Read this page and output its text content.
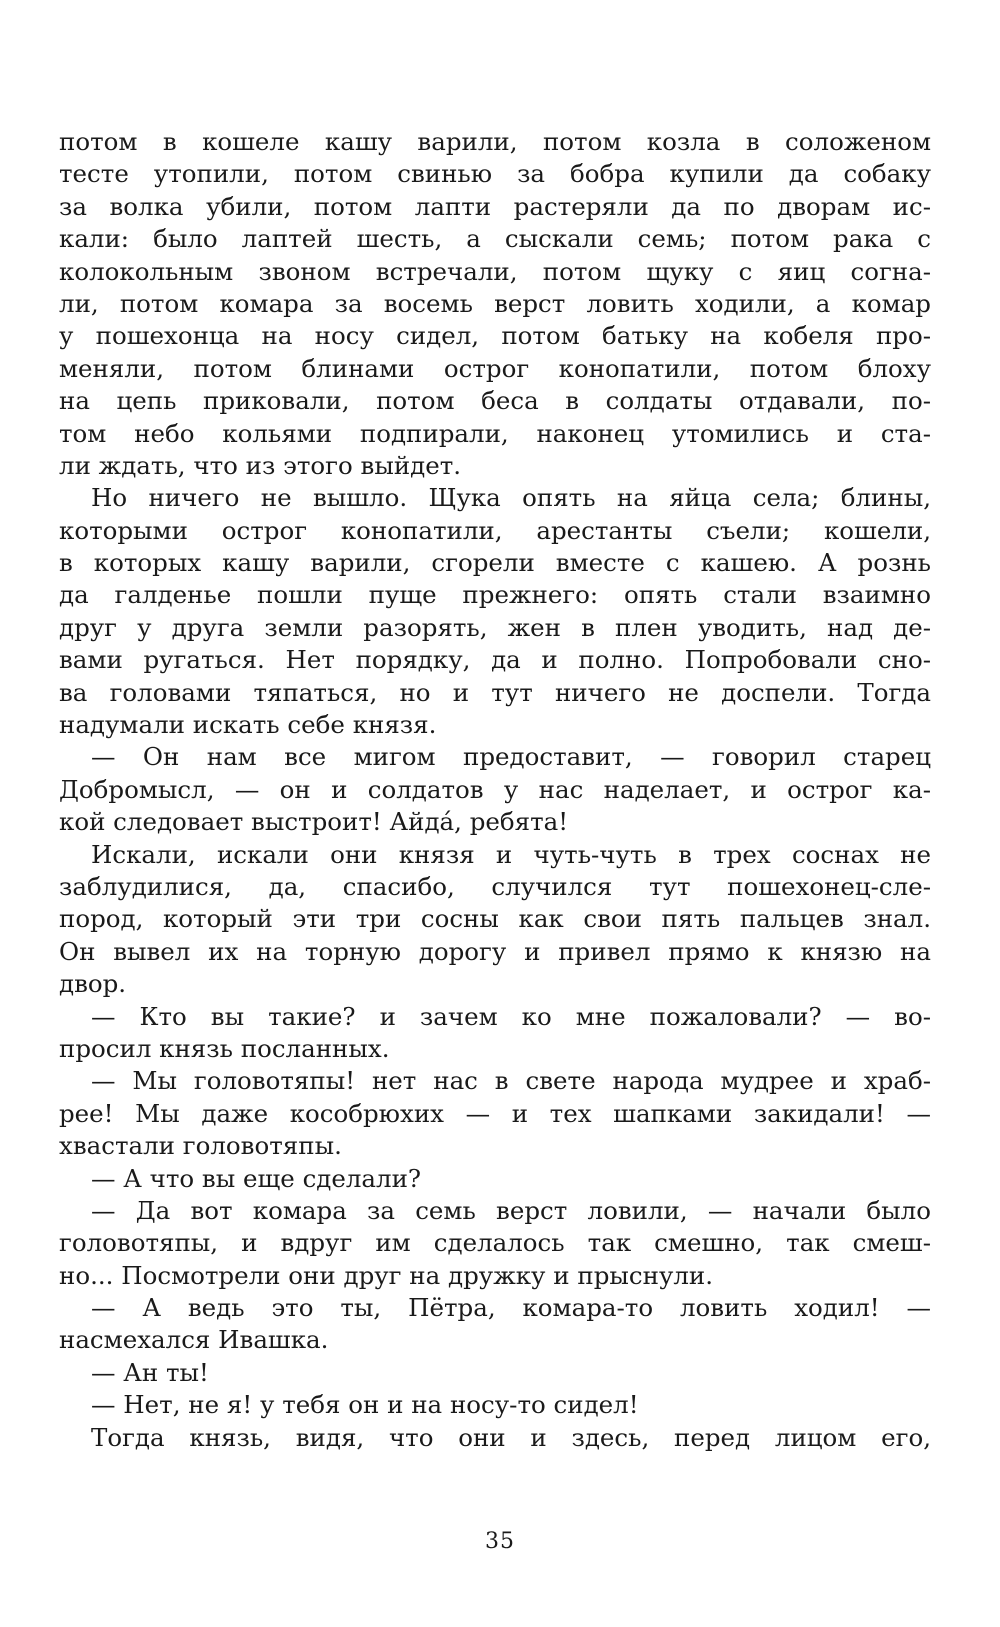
потом в кошеле кашу варили, потом козла в соложеном
тесте утопили, потом свинью за бобра купили да собаку
за волка убили, потом лапти растеряли да по дворам ис-
кали: было лаптей шесть, а сыскали семь; потом рака с
колокольным звоном встречали, потом щуку с яиц согна-
ли, потом комара за восемь верст ловить ходили, а комар
у пошехонца на носу сидел, потом батьку на кобеля про-
меняли, потом блинами острог конопатили, потом блоху
на цепь приковали, потом беса в солдаты отдавали, по-
том небо кольями подпирали, наконец утомились и ста-
ли ждать, что из этого выйдет.
Но ничего не вышло. Щука опять на яйца села; блины,
которыми острог конопатили, арестанты съели; кошели,
в которых кашу варили, сгорели вместе с кашею. А рознь
да галденье пошли пуще прежнего: опять стали взаимно
друг у друга земли разорять, жен в плен уводить, над де-
вами ругаться. Нет порядку, да и полно. Попробовали сно-
ва головами тяпаться, но и тут ничего не доспели. Тогда
надумали искать себе князя.
— Он нам все мигом предоставит, — говорил старец
Добромысл, — он и солдатов у нас наделает, и острог ка-
кой следовает выстроит! Айда́, ребята!
Искали, искали они князя и чуть-чуть в трех соснах не
заблудилися, да, спасибо, случился тут пошехонец-сле-
пород, который эти три сосны как свои пять пальцев знал.
Он вывел их на торную дорогу и привел прямо к князю на
двор.
— Кто вы такие? и зачем ко мне пожаловали? — во-
просил князь посланных.
— Мы головотяпы! нет нас в свете народа мудрее и храб-
рее! Мы даже кособрюхих — и тех шапками закидали! —
хвастали головотяпы.
— А что вы еще сделали?
— Да вот комара за семь верст ловили, — начали было
головотяпы, и вдруг им сделалось так смешно, так смеш-
но... Посмотрели они друг на дружку и прыснули.
— А ведь это ты, Пётра, комара-то ловить ходил! —
насмехался Ивашка.
— Ан ты!
— Нет, не я! у тебя он и на носу-то сидел!
Тогда князь, видя, что они и здесь, перед лицом его,
35
